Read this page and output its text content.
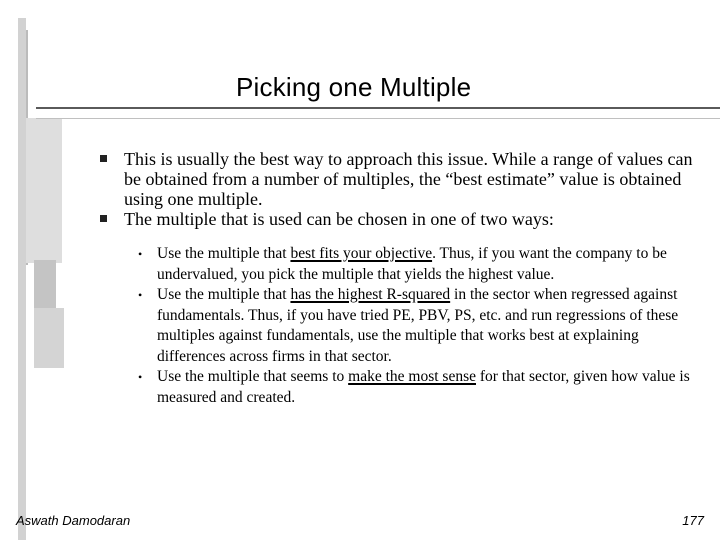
Picking one Multiple
This is usually the best way to approach this issue. While a range of values can be obtained from a number of multiples, the “best estimate” value is obtained using one multiple.
The multiple that is used can be chosen in one of two ways:
• Use the multiple that best fits your objective. Thus, if you want the company to be undervalued, you pick the multiple that yields the highest value.
• Use the multiple that has the highest R-squared in the sector when regressed against fundamentals. Thus, if you have tried PE, PBV, PS, etc. and run regressions of these multiples against fundamentals, use the multiple that works best at explaining differences across firms in that sector.
• Use the multiple that seems to make the most sense for that sector, given how value is measured and created.
Aswath Damodaran	177
